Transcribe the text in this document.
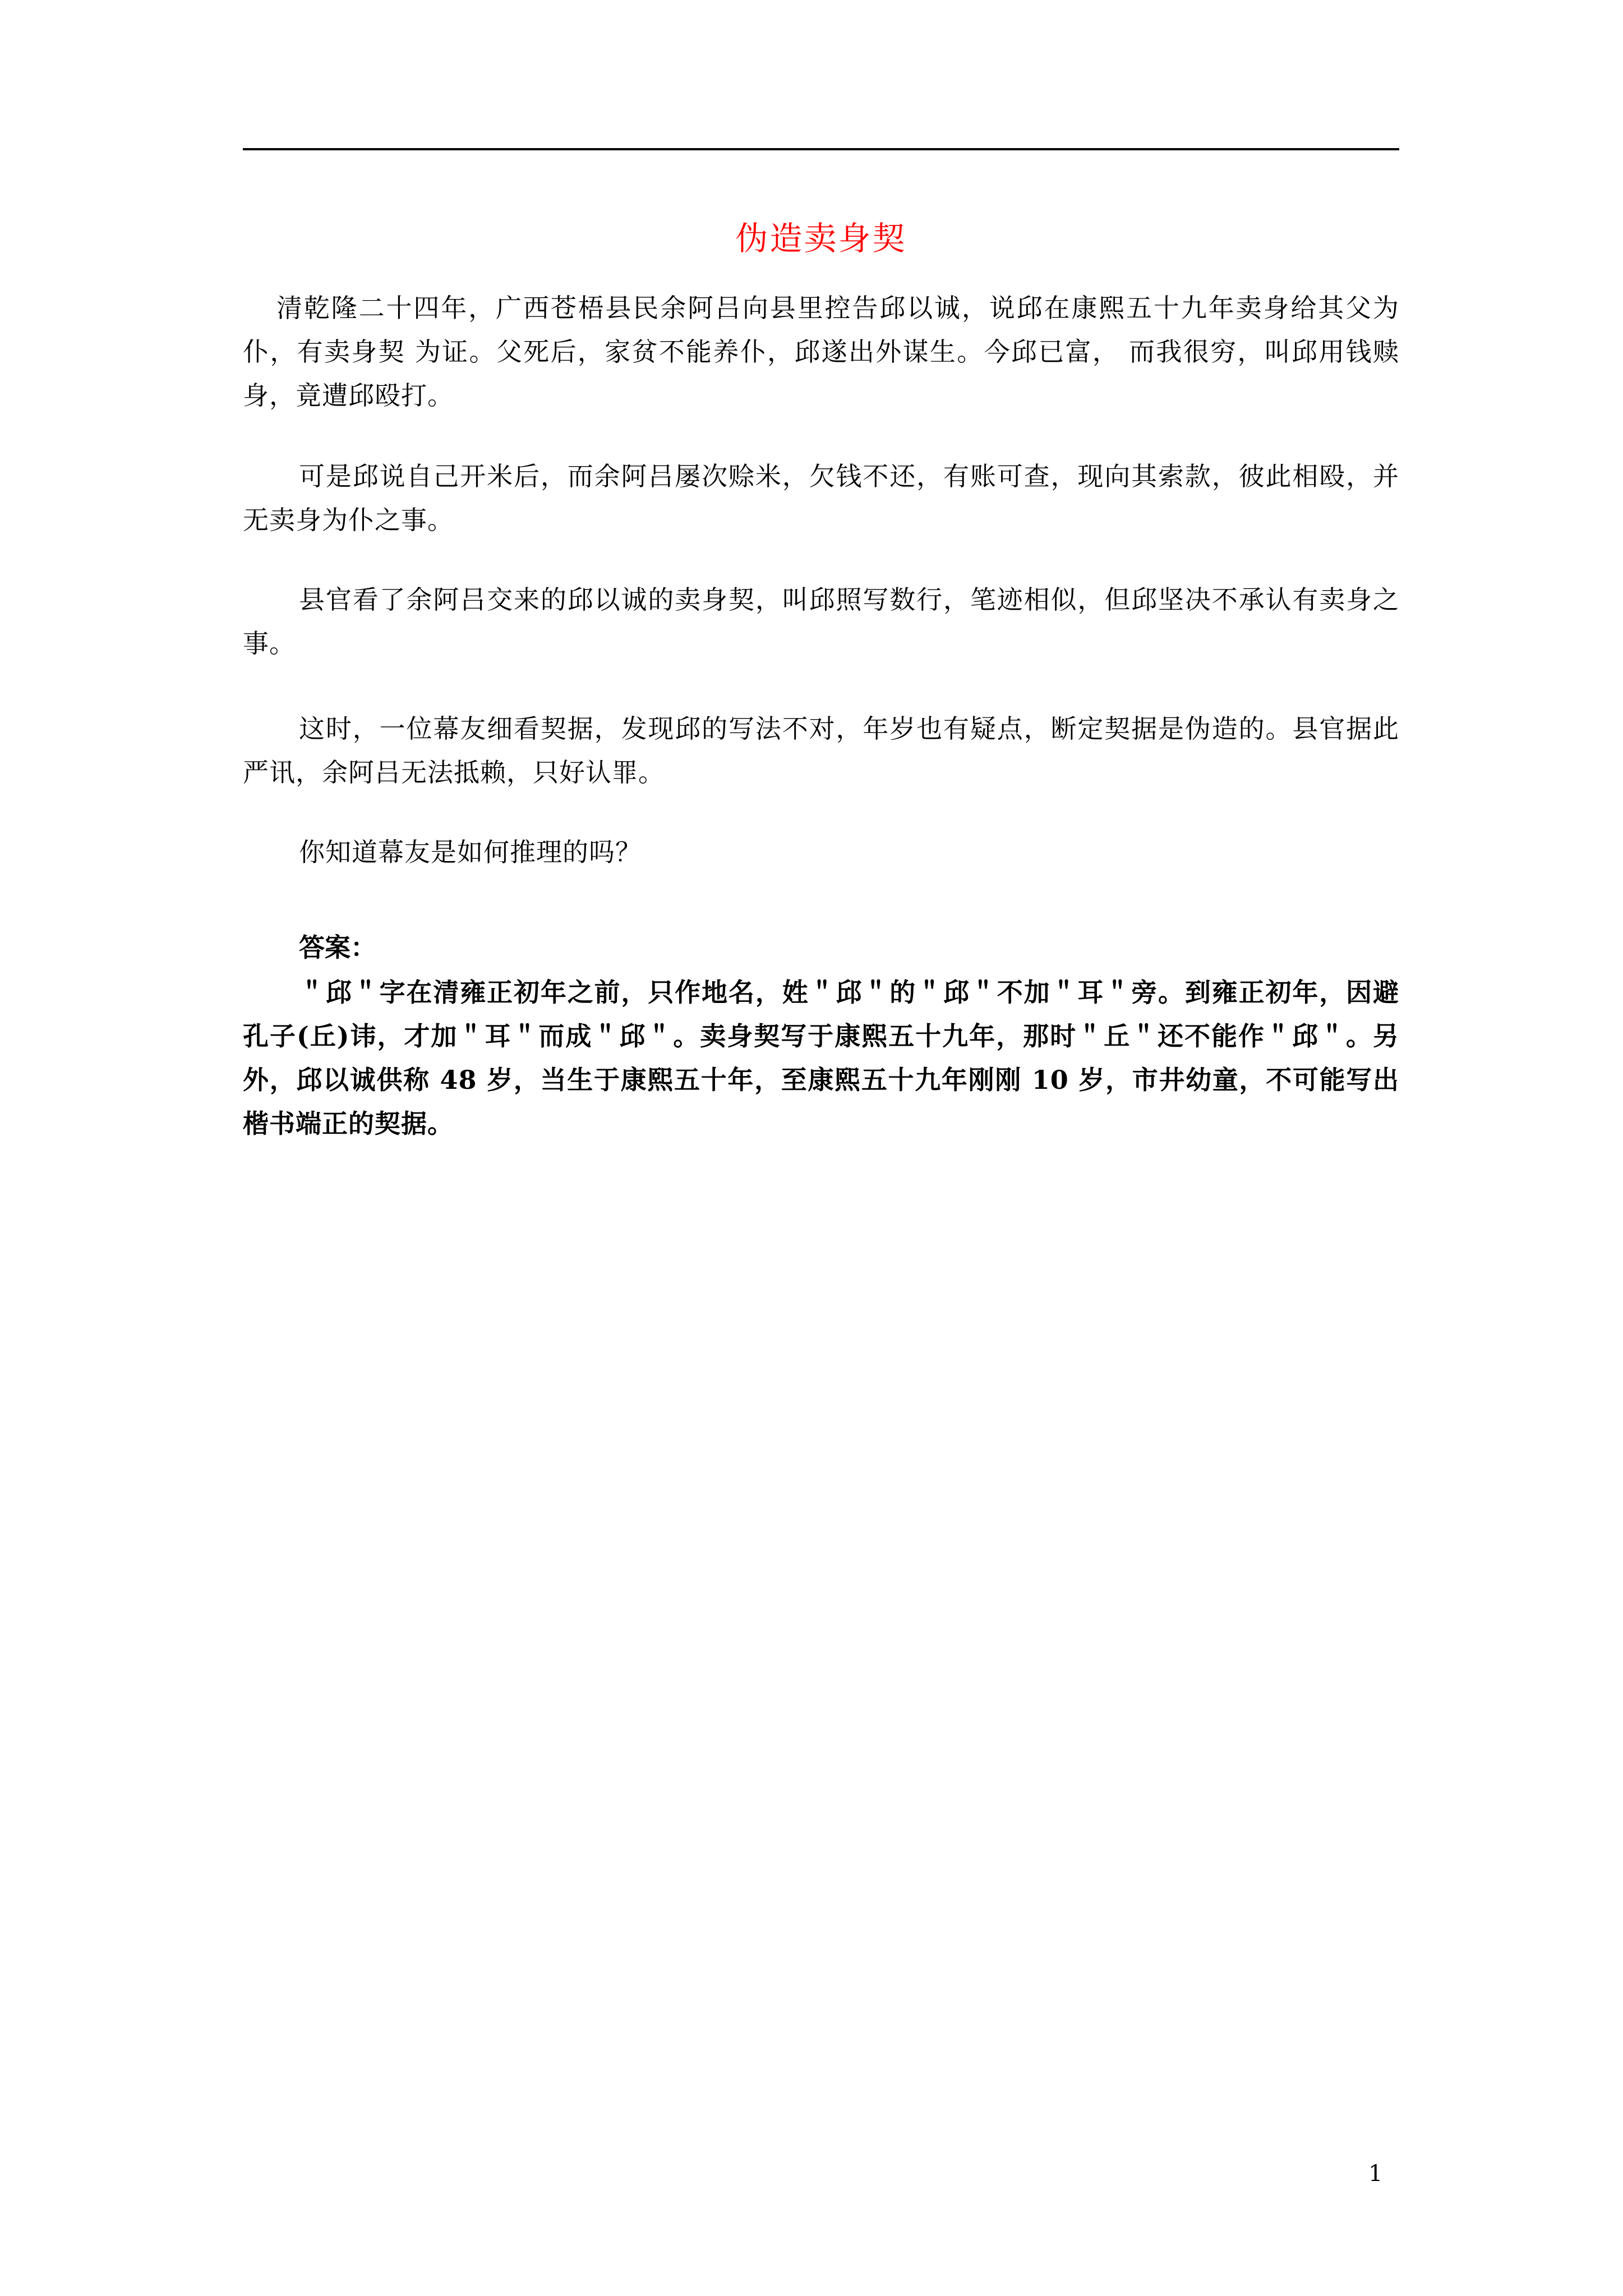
伪造卖身契

清乾隆二十四年，广西苍梧县民余阿吕向县里控告邱以诚，说邱在康熙五十九年卖身给其父为仆，有卖身契 为证。父死后，家贫不能养仆，邱遂出外谋生。今邱已富， 而我很穷，叫邱用钱赎身，竟遭邱殴打。

可是邱说自己开米后，而余阿吕屡次赊米，欠钱不还，有账可查，现向其索款，彼此相殴，并无卖身为仆之事。

县官看了余阿吕交来的邱以诚的卖身契，叫邱照写数行，笔迹相似，但邱坚决不承认有卖身之事。

这时，一位幕友细看契据，发现邱的写法不对，年岁也有疑点，断定契据是伪造的。县官据此严讯，余阿吕无法抵赖，只好认罪。

你知道幕友是如何推理的吗？

答案：

＂邱＂字在清雍正初年之前，只作地名，姓＂邱＂的＂邱＂不加＂耳＂旁。到雍正初年，因避孔子(丘)讳，才加＂耳＂而成＂邱＂。卖身契写于康熙五十九年，那时＂丘＂还不能作＂邱＂。另外，邱以诚供称 48 岁，当生于康熙五十年，至康熙五十九年刚刚 10 岁，市井幼童，不可能写出楷书端正的契据。

1
